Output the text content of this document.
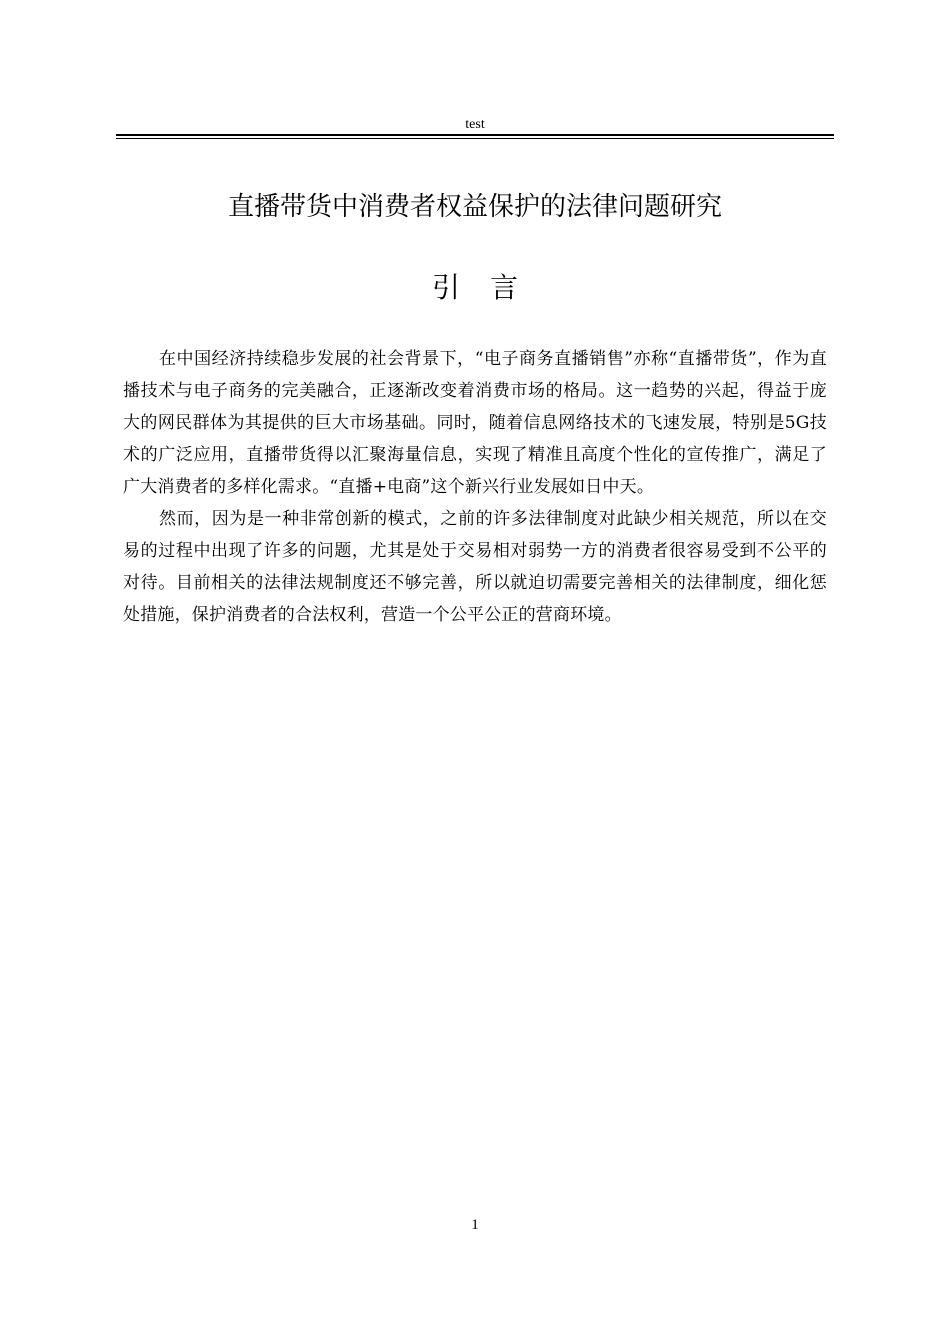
test
直播带货中消费者权益保护的法律问题研究
引言

在中国经济持续稳步发展的社会背景下，“电子商务直播销售”亦称“直播带货”，作为直播技术与电子商务的完美融合，正逐渐改变着消费市场的格局。这一趋势的兴起，得益于庞大的网民群体为其提供的巨大市场基础。同时，随着信息网络技术的飞速发展，特别是5G技术的广泛应用，直播带货得以汇聚海量信息，实现了精准且高度个性化的宣传推广，满足了广大消费者的多样化需求。“直播+电商”这个新兴行业发展如日中天。

然而，因为是一种非常创新的模式，之前的许多法律制度对此缺少相关规范，所以在交易的过程中出现了许多的问题，尤其是处于交易相对弱势一方的消费者很容易受到不公平的对待。目前相关的法律法规制度还不够完善，所以就迫切需要完善相关的法律制度，细化惩处措施，保护消费者的合法权利，营造一个公平公正的营商环境。

1
